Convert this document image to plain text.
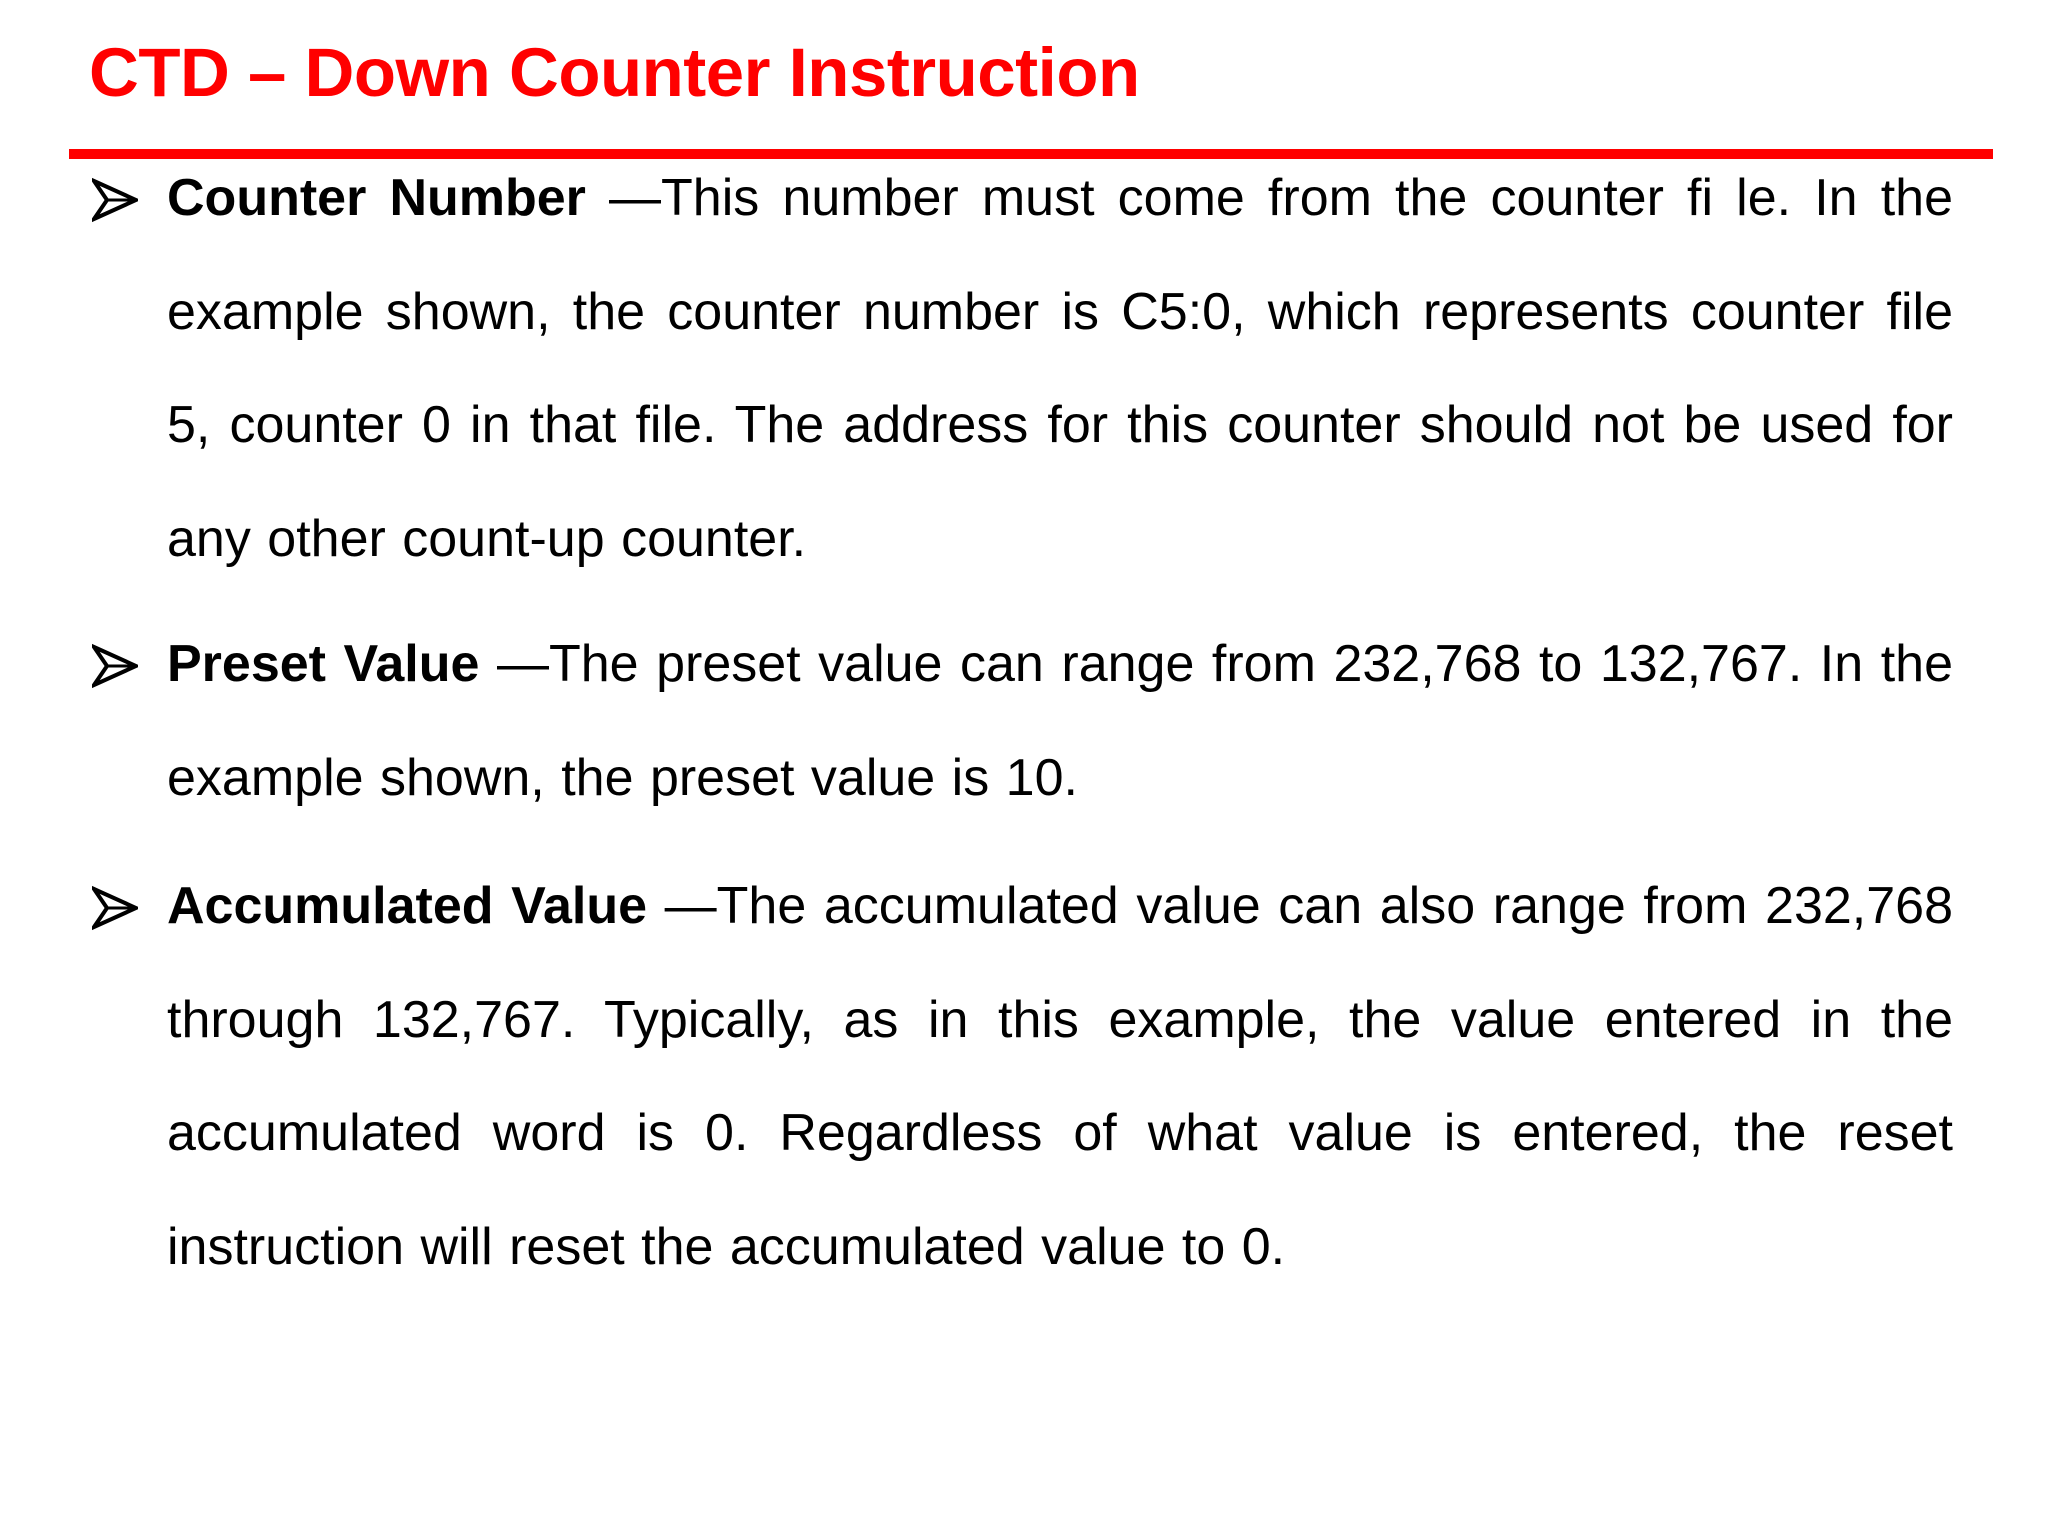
CTD – Down Counter Instruction
Counter Number —This number must come from the counter fi le. In the example shown, the counter number is C5:0, which represents counter file 5, counter 0 in that file. The address for this counter should not be used for any other count-up counter.
Preset Value —The preset value can range from 232,768 to 132,767. In the example shown, the preset value is 10.
Accumulated Value —The accumulated value can also range from 232,768 through 132,767. Typically, as in this example, the value entered in the accumulated word is 0. Regardless of what value is entered, the reset instruction will reset the accumulated value to 0.
